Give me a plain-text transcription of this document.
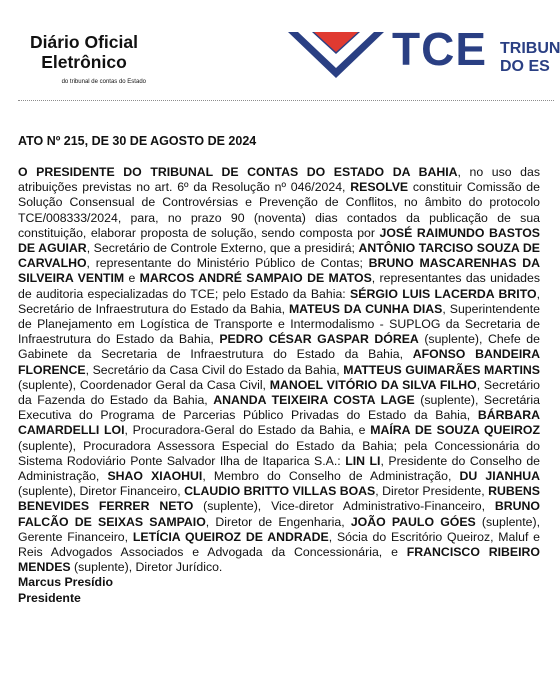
Diário Oficial
Eletrônico
do tribunal de contas do Estado
TCE TRIBUN
DO ES
ATO Nº 215, DE 30 DE AGOSTO DE 2024

O PRESIDENTE DO TRIBUNAL DE CONTAS DO ESTADO DA BAHIA, no uso das atribuições previstas no art. 6º da Resolução nº 046/2024, RESOLVE constituir Comissão de Solução Consensual de Controvérsias e Prevenção de Conflitos, no âmbito do protocolo TCE/008333/2024, para, no prazo 90 (noventa) dias contados da publicação de sua constituição, elaborar proposta de solução, sendo composta por JOSÉ RAIMUNDO BASTOS DE AGUIAR, Secretário de Controle Externo, que a presidirá; ANTÔNIO TARCISO SOUZA DE CARVALHO, representante do Ministério Público de Contas; BRUNO MASCARENHAS DA SILVEIRA VENTIM e MARCOS ANDRÉ SAMPAIO DE MATOS, representantes das unidades de auditoria especializadas do TCE; pelo Estado da Bahia: SÉRGIO LUIS LACERDA BRITO, Secretário de Infraestrutura do Estado da Bahia, MATEUS DA CUNHA DIAS, Superintendente de Planejamento em Logística de Transporte e Intermodalismo - SUPLOG da Secretaria de Infraestrutura do Estado da Bahia, PEDRO CÉSAR GASPAR DÓREA (suplente), Chefe de Gabinete da Secretaria de Infraestrutura do Estado da Bahia, AFONSO BANDEIRA FLORENCE, Secretário da Casa Civil do Estado da Bahia, MATTEUS GUIMARÃES MARTINS (suplente), Coordenador Geral da Casa Civil, MANOEL VITÓRIO DA SILVA FILHO, Secretário da Fazenda do Estado da Bahia, ANANDA TEIXEIRA COSTA LAGE (suplente), Secretária Executiva do Programa de Parcerias Público Privadas do Estado da Bahia, BÁRBARA CAMARDELLI LOI, Procuradora-Geral do Estado da Bahia, e MAÍRA DE SOUZA QUEIROZ (suplente), Procuradora Assessora Especial do Estado da Bahia; pela Concessionária do Sistema Rodoviário Ponte Salvador Ilha de Itaparica S.A.: LIN LI, Presidente do Conselho de Administração, SHAO XIAOHUI, Membro do Conselho de Administração, DU JIANHUA (suplente), Diretor Financeiro, CLAUDIO BRITTO VILLAS BOAS, Diretor Presidente, RUBENS BENEVIDES FERRER NETO (suplente), Vice-diretor Administrativo-Financeiro, BRUNO FALCÃO DE SEIXAS SAMPAIO, Diretor de Engenharia, JOÃO PAULO GÓES (suplente), Gerente Financeiro, LETÍCIA QUEIROZ DE ANDRADE, Sócia do Escritório Queiroz, Maluf e Reis Advogados Associados e Advogada da Concessionária, e FRANCISCO RIBEIRO MENDES (suplente), Diretor Jurídico.

Marcus Presídio
Presidente
